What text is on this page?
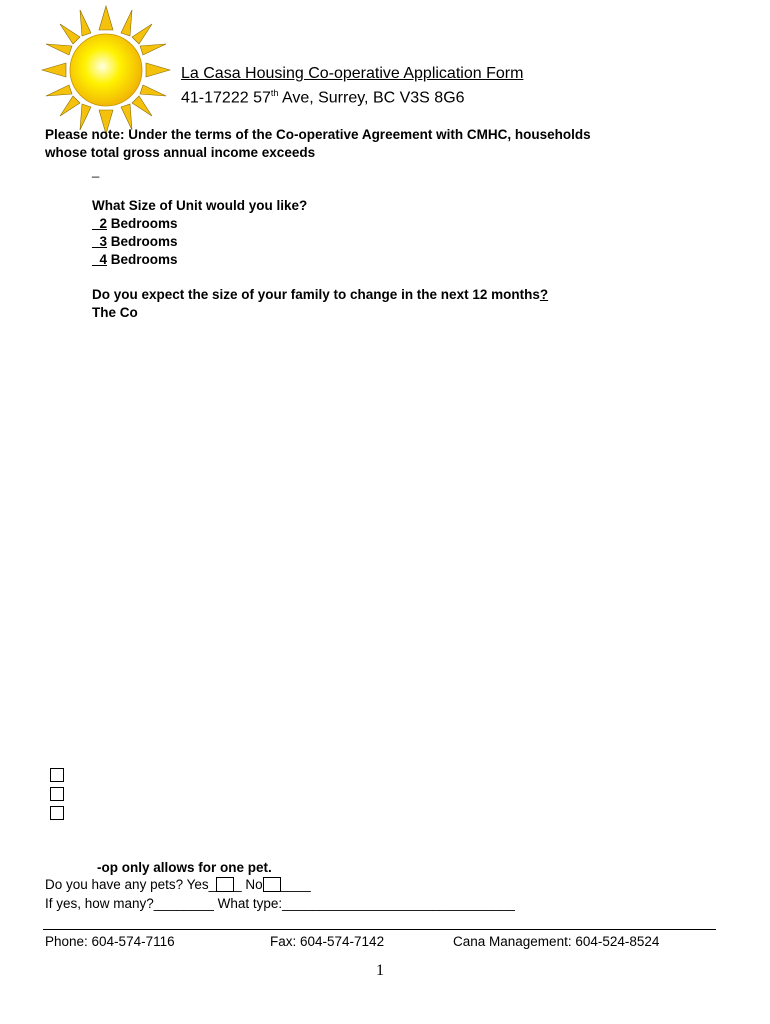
La Casa Housing Co-operative Application Form
41-17222 57th Ave, Surrey, BC V3S 8G6
Please note: Under the terms of the Co-operative Agreement with CMHC, households
whose total gross annual income exceeds
_
What Size of Unit would you like?
_2 Bedrooms
_3 Bedrooms
_4 Bedrooms
Do you expect the size of your family to change in the next 12 months?
The Co
-op only allows for one pet.
Do you have any pets? Yes_ _ No ____
If yes, how many?________ What type:_______________________________
Phone: 604-574-7116	Fax: 604-574-7142	Cana Management: 604-524-8524
1
